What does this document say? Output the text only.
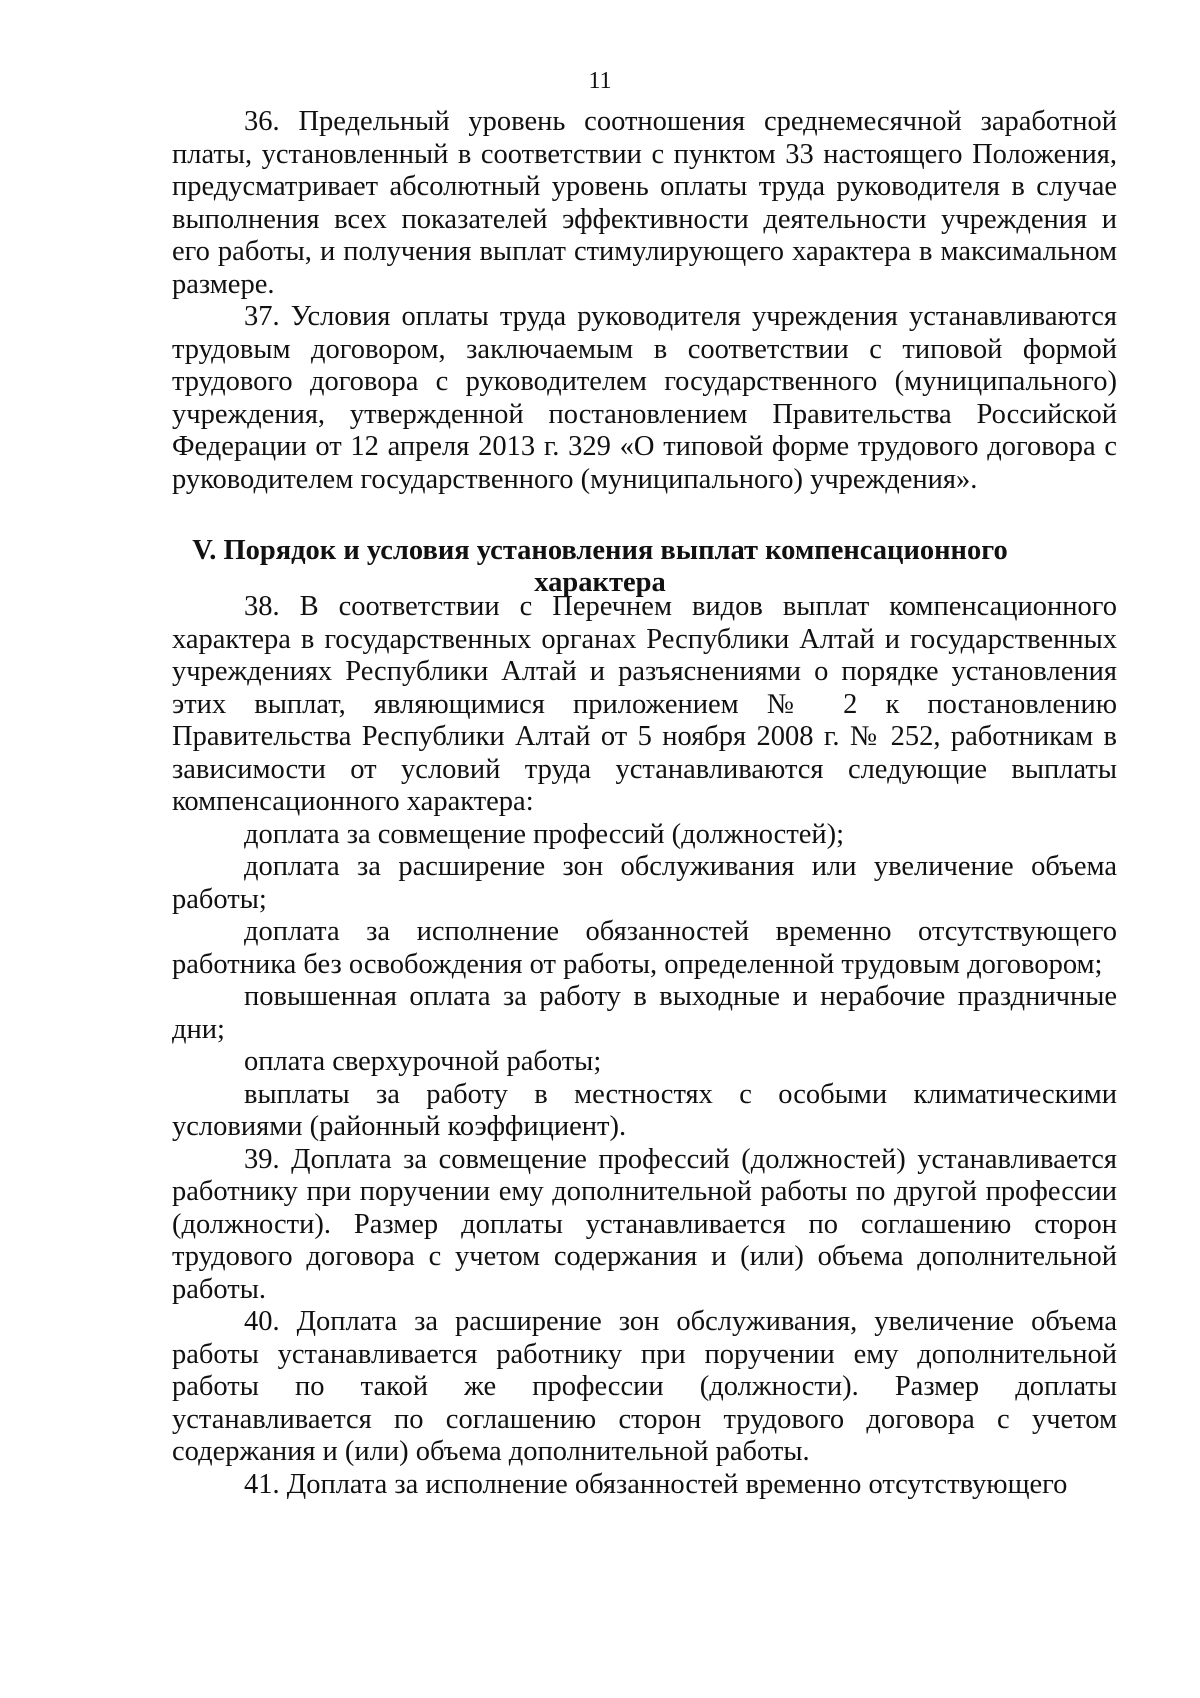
11

36. Предельный уровень соотношения среднемесячной заработной платы, установленный в соответствии с пунктом 33 настоящего Положения, предусматривает абсолютный уровень оплаты труда руководителя в случае выполнения всех показателей эффективности деятельности учреждения и его работы, и получения выплат стимулирующего характера в максимальном размере.

37. Условия оплаты труда руководителя учреждения устанавливаются трудовым договором, заключаемым в соответствии с типовой формой трудового договора с руководителем государственного (муниципального) учреждения, утвержденной постановлением Правительства Российской Федерации от 12 апреля 2013 г. 329 «О типовой форме трудового договора с руководителем государственного (муниципального) учреждения».

V. Порядок и условия установления выплат компенсационного характера

38. В соответствии с Перечнем видов выплат компенсационного характера в государственных органах Республики Алтай и государственных учреждениях Республики Алтай и разъяснениями о порядке установления этих выплат, являющимися приложением № 2 к постановлению Правительства Республики Алтай от 5 ноября 2008 г. № 252, работникам в зависимости от условий труда устанавливаются следующие выплаты компенсационного характера:

доплата за совмещение профессий (должностей);

доплата за расширение зон обслуживания или увеличение объема работы;

доплата за исполнение обязанностей временно отсутствующего работника без освобождения от работы, определенной трудовым договором;

повышенная оплата за работу в выходные и нерабочие праздничные дни;

оплата сверхурочной работы;

выплаты за работу в местностях с особыми климатическими условиями (районный коэффициент).

39. Доплата за совмещение профессий (должностей) устанавливается работнику при поручении ему дополнительной работы по другой профессии (должности). Размер доплаты устанавливается по соглашению сторон трудового договора с учетом содержания и (или) объема дополнительной работы.

40. Доплата за расширение зон обслуживания, увеличение объема работы устанавливается работнику при поручении ему дополнительной работы по такой же профессии (должности). Размер доплаты устанавливается по соглашению сторон трудового договора с учетом содержания и (или) объема дополнительной работы.

41. Доплата за исполнение обязанностей временно отсутствующего
